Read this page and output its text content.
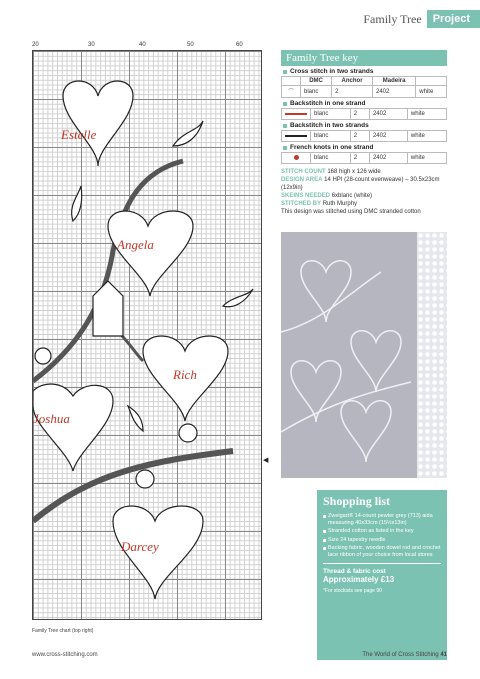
Family Tree	Project
20	30	40	50	60
Estelle
Angela
Rich
Joshua
Darcey
◀
Family Tree chart (top right)
Family Tree key
Cross stitch in two strands
	DMC	Anchor	Madeira	
⌒	blanc	2	2402	white
Backstitch in one strand
	blanc	2	2402	white
Backstitch in two strands
	blanc	2	2402	white
French knots in one strand
	blanc	2	2402	white
STITCH COUNT 168 high x 126 wide
DESIGN AREA 14 HPI (28-count evenweave) – 30.5x23cm (12x9in)
SKEINS NEEDED 6xblanc (white)
STITCHED BY Ruth Murphy
This design was stitched using DMC stranded cotton
Shopping list
Zweigart® 14-count pewter grey (713) aida measuring 40x33cm (15½x13in)
Stranded cotton as listed in the key
Size 24 tapestry needle
Backing fabric, wooden dowel rod and crochet lace ribbon of your choice from local stores
Thread & fabric cost
Approximately £13
*For stockists see page 90
www.cross-stitching.com	The World of Cross Stitching 41
